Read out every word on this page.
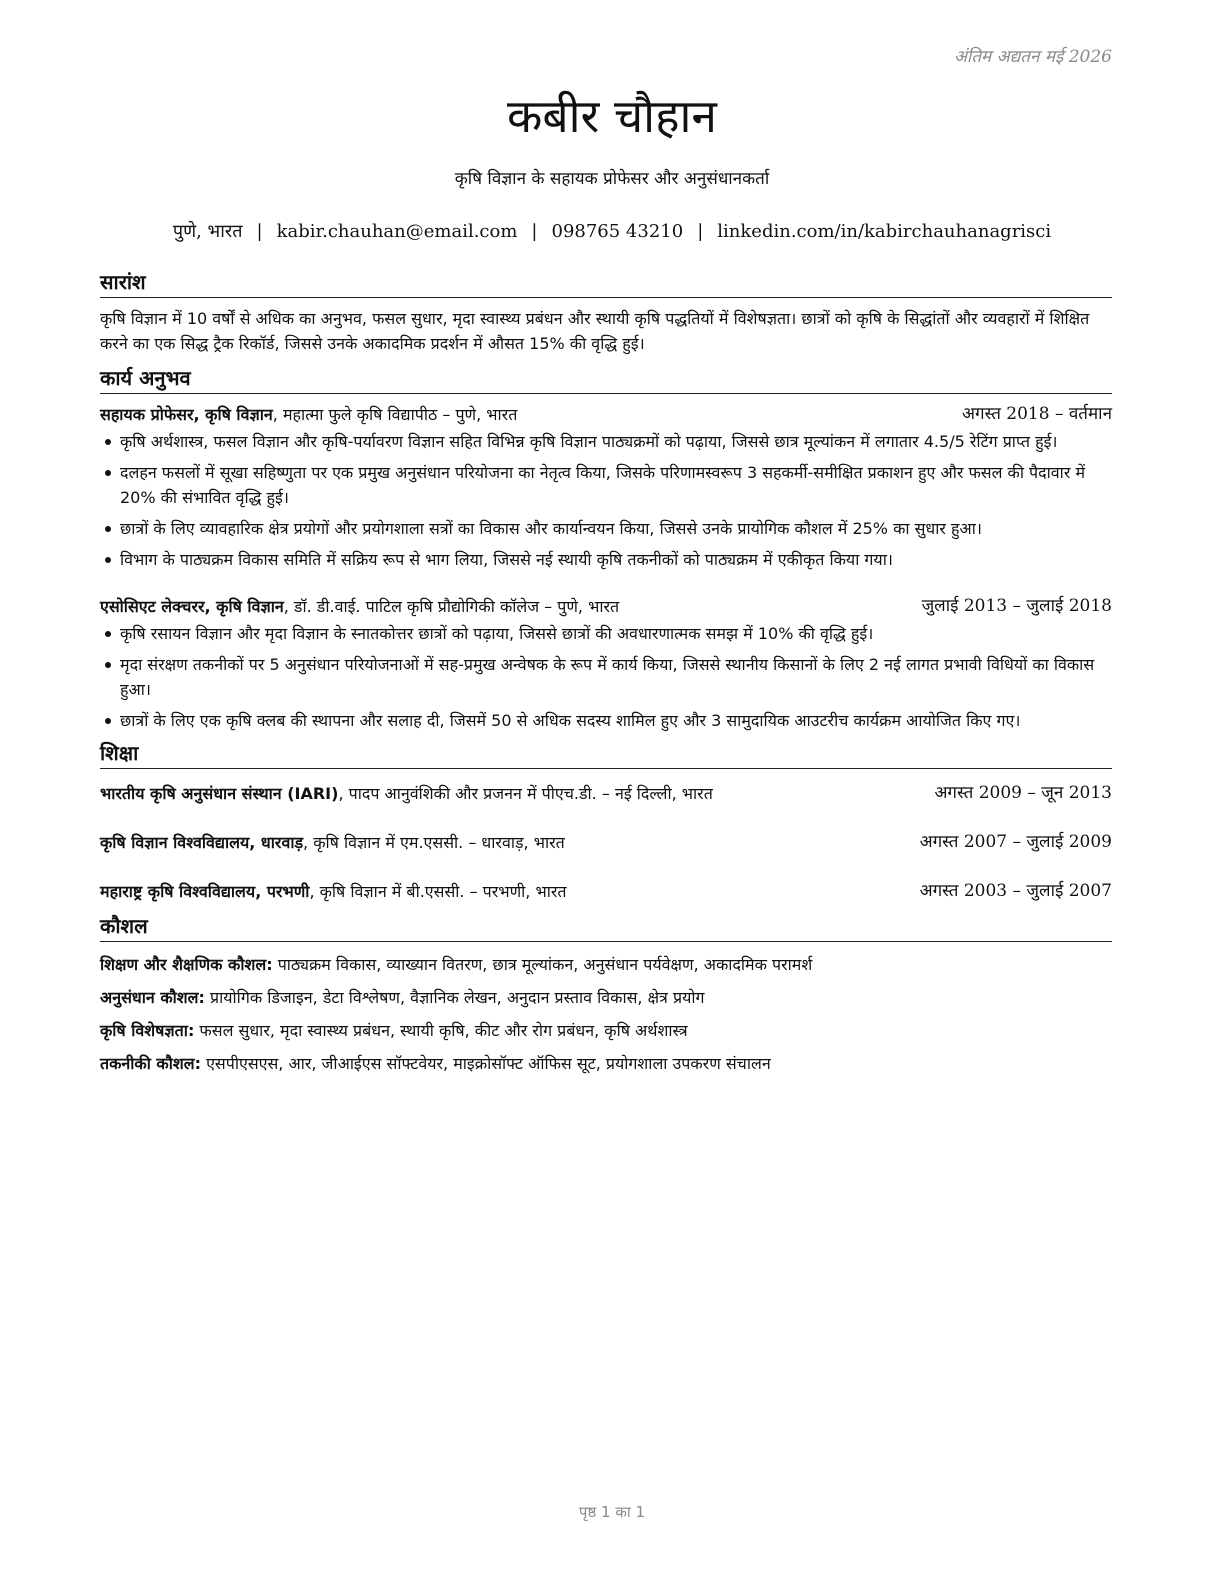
अंतिम अद्यतन मई 2026
कबीर चौहान
कृषि विज्ञान के सहायक प्रोफेसर और अनुसंधानकर्ता
पुणे, भारत | kabir.chauhan@email.com | 098765 43210 | linkedin.com/in/kabirchauhanagrisci
सारांश
कृषि विज्ञान में 10 वर्षों से अधिक का अनुभव, फसल सुधार, मृदा स्वास्थ्य प्रबंधन और स्थायी कृषि पद्धतियों में विशेषज्ञता। छात्रों को कृषि के सिद्धांतों और व्यवहारों में शिक्षित करने का एक सिद्ध ट्रैक रिकॉर्ड, जिससे उनके अकादमिक प्रदर्शन में औसत 15% की वृद्धि हुई।
कार्य अनुभव
सहायक प्रोफेसर, कृषि विज्ञान, महात्मा फुले कृषि विद्यापीठ – पुणे, भारत	अगस्त 2018 – वर्तमान
कृषि अर्थशास्त्र, फसल विज्ञान और कृषि-पर्यावरण विज्ञान सहित विभिन्न कृषि विज्ञान पाठ्यक्रमों को पढ़ाया, जिससे छात्र मूल्यांकन में लगातार 4.5/5 रेटिंग प्राप्त हुई।
दलहन फसलों में सूखा सहिष्णुता पर एक प्रमुख अनुसंधान परियोजना का नेतृत्व किया, जिसके परिणामस्वरूप 3 सहकर्मी-समीक्षित प्रकाशन हुए और फसल की पैदावार में 20% की संभावित वृद्धि हुई।
छात्रों के लिए व्यावहारिक क्षेत्र प्रयोगों और प्रयोगशाला सत्रों का विकास और कार्यान्वयन किया, जिससे उनके प्रायोगिक कौशल में 25% का सुधार हुआ।
विभाग के पाठ्यक्रम विकास समिति में सक्रिय रूप से भाग लिया, जिससे नई स्थायी कृषि तकनीकों को पाठ्यक्रम में एकीकृत किया गया।
एसोसिएट लेक्चरर, कृषि विज्ञान, डॉ. डी.वाई. पाटिल कृषि प्रौद्योगिकी कॉलेज – पुणे, भारत	जुलाई 2013 – जुलाई 2018
कृषि रसायन विज्ञान और मृदा विज्ञान के स्नातकोत्तर छात्रों को पढ़ाया, जिससे छात्रों की अवधारणात्मक समझ में 10% की वृद्धि हुई।
मृदा संरक्षण तकनीकों पर 5 अनुसंधान परियोजनाओं में सह-प्रमुख अन्वेषक के रूप में कार्य किया, जिससे स्थानीय किसानों के लिए 2 नई लागत प्रभावी विधियों का विकास हुआ।
छात्रों के लिए एक कृषि क्लब की स्थापना और सलाह दी, जिसमें 50 से अधिक सदस्य शामिल हुए और 3 सामुदायिक आउटरीच कार्यक्रम आयोजित किए गए।
शिक्षा
भारतीय कृषि अनुसंधान संस्थान (IARI), पादप आनुवंशिकी और प्रजनन में पीएच.डी. – नई दिल्ली, भारत	अगस्त 2009 – जून 2013
कृषि विज्ञान विश्वविद्यालय, धारवाड़, कृषि विज्ञान में एम.एससी. – धारवाड़, भारत	अगस्त 2007 – जुलाई 2009
महाराष्ट्र कृषि विश्वविद्यालय, परभणी, कृषि विज्ञान में बी.एससी. – परभणी, भारत	अगस्त 2003 – जुलाई 2007
कौशल
शिक्षण और शैक्षणिक कौशल: पाठ्यक्रम विकास, व्याख्यान वितरण, छात्र मूल्यांकन, अनुसंधान पर्यवेक्षण, अकादमिक परामर्श
अनुसंधान कौशल: प्रायोगिक डिजाइन, डेटा विश्लेषण, वैज्ञानिक लेखन, अनुदान प्रस्ताव विकास, क्षेत्र प्रयोग
कृषि विशेषज्ञता: फसल सुधार, मृदा स्वास्थ्य प्रबंधन, स्थायी कृषि, कीट और रोग प्रबंधन, कृषि अर्थशास्त्र
तकनीकी कौशल: एसपीएसएस, आर, जीआईएस सॉफ्टवेयर, माइक्रोसॉफ्ट ऑफिस सूट, प्रयोगशाला उपकरण संचालन
पृष्ठ 1 का 1
